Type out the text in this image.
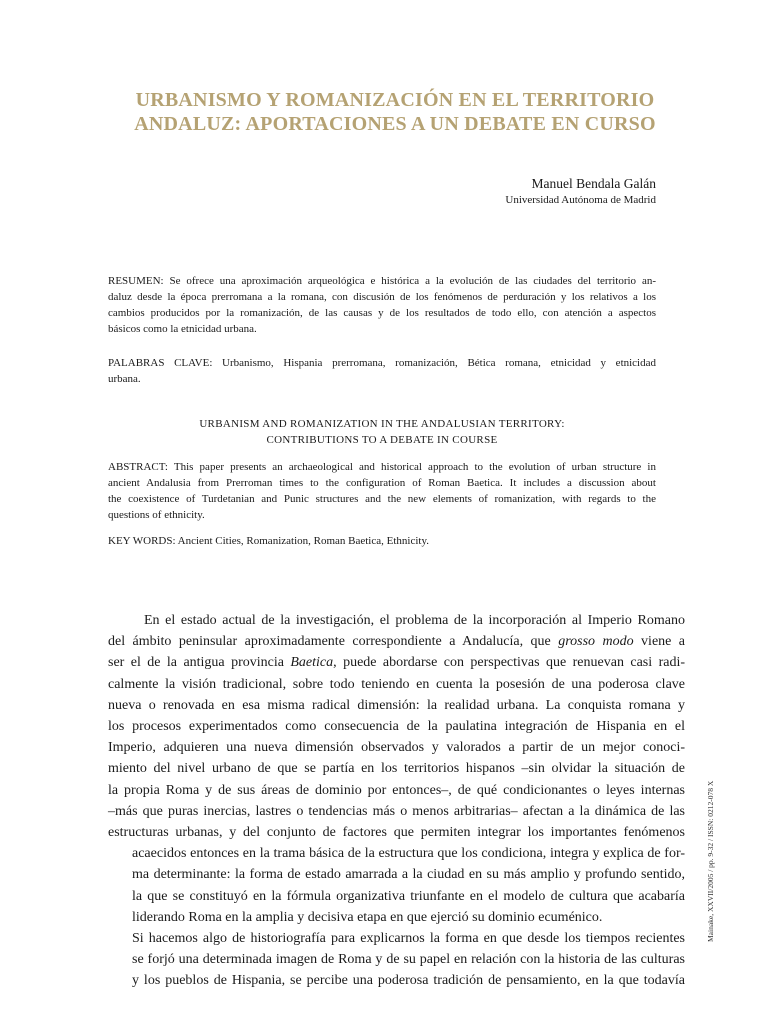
URBANISMO Y ROMANIZACIÓN EN EL TERRITORIO
ANDALUZ: APORTACIONES A UN DEBATE EN CURSO
Manuel Bendala Galán
Universidad Autónoma de Madrid

RESUMEN: Se ofrece una aproximación arqueológica e histórica a la evolución de las ciudades del territorio an-
daluz desde la época prerromana a la romana, con discusión de los fenómenos de perduración y los relativos a los
cambios producidos por la romanización, de las causas y de los resultados de todo ello, con atención a aspectos
básicos como la etnicidad urbana.

PALABRAS CLAVE: Urbanismo, Hispania prerromana, romanización, Bética romana, etnicidad y etnicidad
urbana.

URBANISM AND ROMANIZATION IN THE ANDALUSIAN TERRITORY:
CONTRIBUTIONS TO A DEBATE IN COURSE

ABSTRACT: This paper presents an archaeological and historical approach to the evolution of urban structure in
ancient Andalusia from Prerroman times to the configuration of Roman Baetica. It includes a discussion about
the coexistence of Turdetanian and Punic structures and the new elements of romanization, with regards to the
questions of ethnicity.

KEY WORDS: Ancient Cities, Romanization, Roman Baetica, Ethnicity.

En el estado actual de la investigación, el problema de la incorporación al Imperio Romano
del ámbito peninsular aproximadamente correspondiente a Andalucía, que grosso modo viene a
ser el de la antigua provincia Baetica, puede abordarse con perspectivas que renuevan casi radi-
calmente la visión tradicional, sobre todo teniendo en cuenta la posesión de una poderosa clave
nueva o renovada en esa misma radical dimensión: la realidad urbana. La conquista romana y
los procesos experimentados como consecuencia de la paulatina integración de Hispania en el
Imperio, adquieren una nueva dimensión observados y valorados a partir de un mejor conoci-
miento del nivel urbano de que se partía en los territorios hispanos –sin olvidar la situación de
la propia Roma y de sus áreas de dominio por entonces–, de qué condicionantes o leyes internas
–más que puras inercias, lastres o tendencias más o menos arbitrarias– afectan a la dinámica de las
estructuras urbanas, y del conjunto de factores que permiten integrar los importantes fenómenos
acaecidos entonces en la trama básica de la estructura que los condiciona, integra y explica de for-
ma determinante: la forma de estado amarrada a la ciudad en su más amplio y profundo sentido,
la que se constituyó en la fórmula organizativa triunfante en el modelo de cultura que acabaría
liderando Roma en la amplia y decisiva etapa en que ejerció su dominio ecuménico.
Si hacemos algo de historiografía para explicarnos la forma en que desde los tiempos recientes
se forjó una determinada imagen de Roma y de su papel en relación con la historia de las culturas
y los pueblos de Hispania, se percibe una poderosa tradición de pensamiento, en la que todavía
Mainake, XXVII/2005 / pp. 9-32 / ISSN: 0212-078 X
